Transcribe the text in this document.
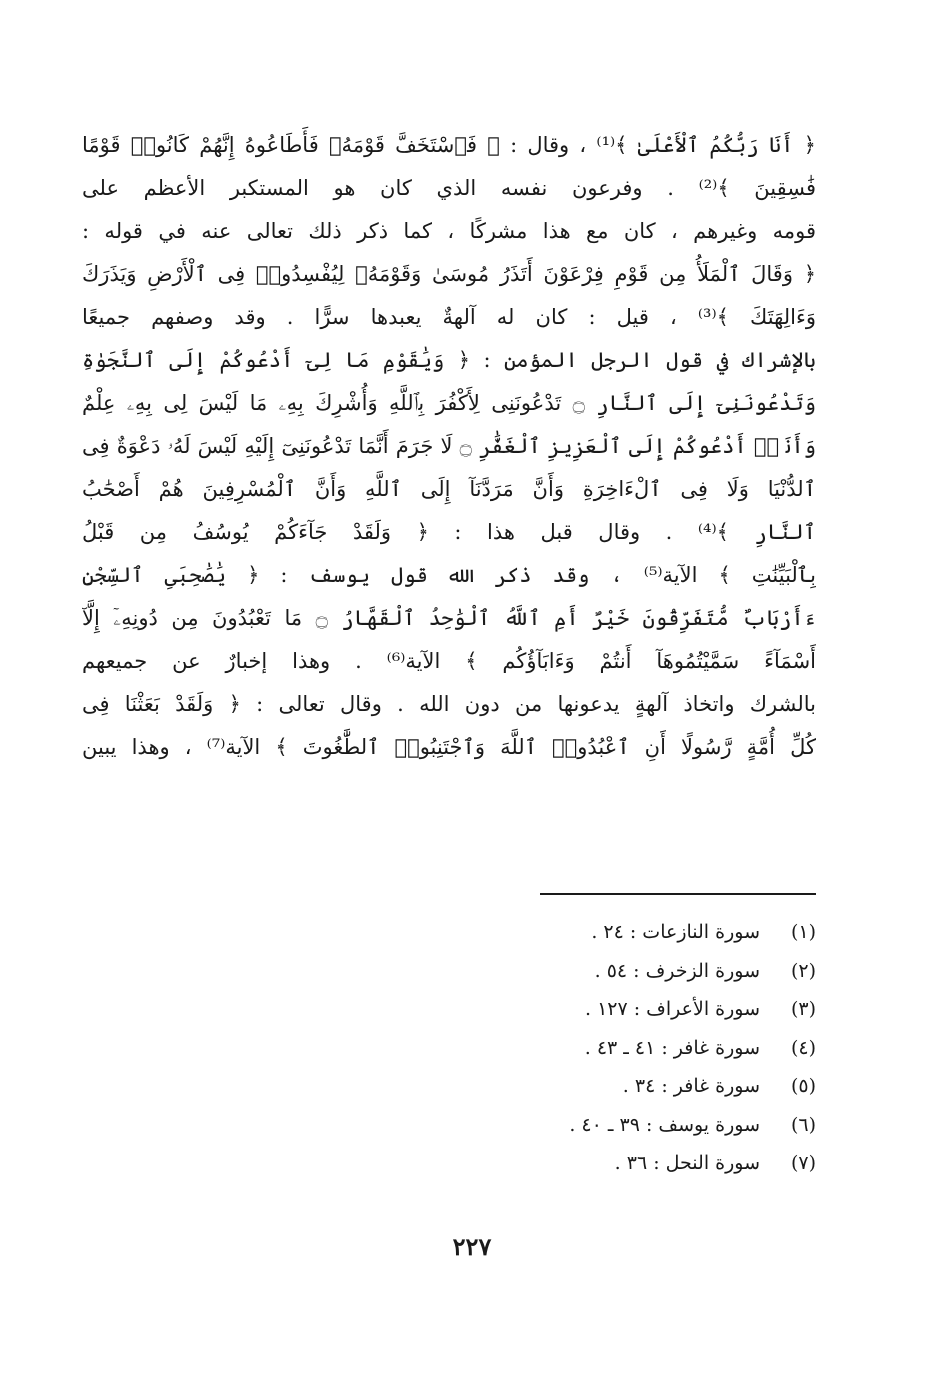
﴿ أَنَا رَبُّكُمُ ٱلْأَعْلَىٰ ﴾⁽¹⁾ ، وقال : ﴿ فَٱسْتَخَفَّ قَوْمَهُۥ فَأَطَاعُوهُ إِنَّهُمْ كَانُوا۟ قَوْمًا
فَٰسِقِينَ ﴾⁽²⁾ . وفرعون نفسه الذي كان هو المستكبر الأعظم على
قومه وغيرهم ، كان مع هذا مشركًا ، كما ذكر ذلك تعالى عنه في قوله :
﴿ وَقَالَ ٱلْمَلَأُ مِن قَوْمِ فِرْعَوْنَ أَتَذَرُ مُوسَىٰ وَقَوْمَهُۥ لِيُفْسِدُوا۟ فِى ٱلْأَرْضِ وَيَذَرَكَ
وَءَالِهَتَكَ ﴾⁽³⁾ ، قيل : كان له آلهةٌ يعبدها سرًّا . وقد وصفهم جميعًا
بالإشراك في قول الرجل المؤمن : ﴿ وَيَٰقَوْمِ مَا لِىٓ أَدْعُوكُمْ إِلَى ٱلنَّجَوٰةِ
وَتَدْعُونَنِىٓ إِلَى ٱلنَّارِ ۝ تَدْعُونَنِى لِأَكْفُرَ بِٱللَّهِ وَأُشْرِكَ بِهِۦ مَا لَيْسَ لِى بِهِۦ عِلْمٌ
وَأَنَا۠ أَدْعُوكُمْ إِلَى ٱلْعَزِيزِ ٱلْغَفَّٰرِ ۝ لَا جَرَمَ أَنَّمَا تَدْعُونَنِىٓ إِلَيْهِ لَيْسَ لَهُۥ دَعْوَةٌ فِى
ٱلدُّنْيَا وَلَا فِى ٱلْءَاخِرَةِ وَأَنَّ مَرَدَّنَآ إِلَى ٱللَّهِ وَأَنَّ ٱلْمُسْرِفِينَ هُمْ أَصْحَٰبُ
ٱلنَّارِ ﴾⁽⁴⁾ . وقال قبل هذا : ﴿ وَلَقَدْ جَآءَكُمْ يُوسُفُ مِن قَبْلُ
بِٱلْبَيِّنَٰتِ ﴾ الآية⁽⁵⁾ ، وقد ذكر الله قول يوسف : ﴿ يَٰصَٰحِبَىِ ٱلسِّجْنِ
ءَأَرْبَابٌ مُّتَفَرِّقُونَ خَيْرٌ أَمِ ٱللَّهُ ٱلْوَٰحِدُ ٱلْقَهَّارُ ۝ مَا تَعْبُدُونَ مِن دُونِهِۦٓ إِلَّآ
أَسْمَآءً سَمَّيْتُمُوهَآ أَنتُمْ وَءَابَآؤُكُم ﴾ الآية⁽⁶⁾ . وهذا إخبارٌ عن جميعهم
بالشرك واتخاذ آلهةٍ يدعونها من دون الله . وقال تعالى : ﴿ وَلَقَدْ بَعَثْنَا فِى
كُلِّ أُمَّةٍ رَّسُولًا أَنِ ٱعْبُدُوا۟ ٱللَّهَ وَٱجْتَنِبُوا۟ ٱلطَّٰغُوتَ ﴾ الآية⁽⁷⁾ ، وهذا يبين
(١)
سورة النازعات : ٢٤ .
(٢)
سورة الزخرف : ٥٤ .
(٣)
سورة الأعراف : ١٢٧ .
(٤)
سورة غافر : ٤١ ـ ٤٣ .
(٥)
سورة غافر : ٣٤ .
(٦)
سورة يوسف : ٣٩ ـ ٤٠ .
(٧)
سورة النحل : ٣٦ .
٢٢٧
